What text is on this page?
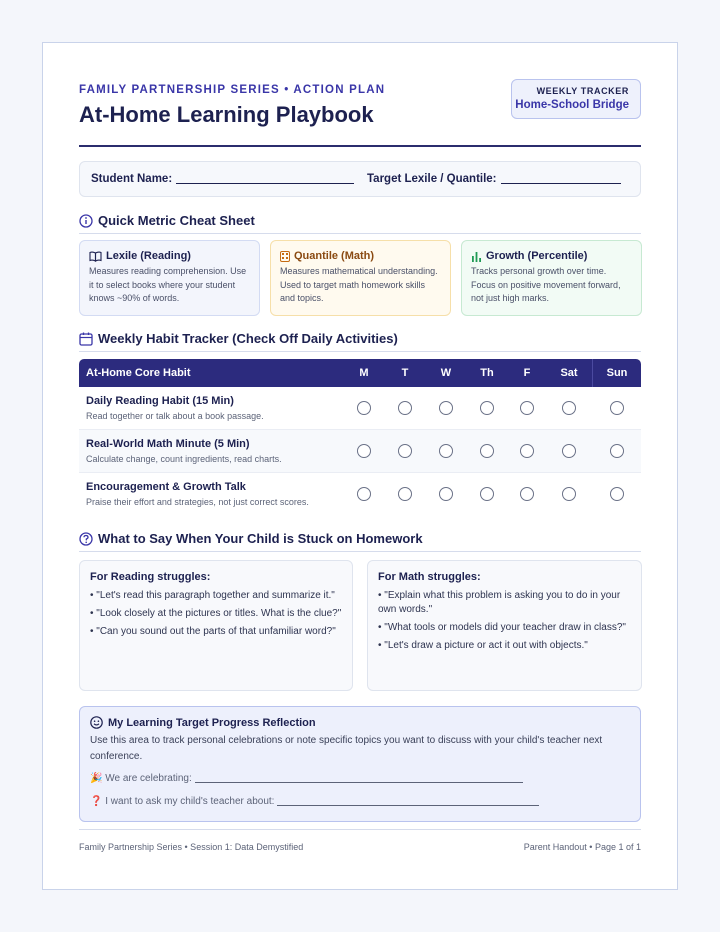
FAMILY PARTNERSHIP SERIES • ACTION PLAN
At-Home Learning Playbook
WEEKLY TRACKER
Home-School Bridge
Student Name:	Target Lexile / Quantile:
Quick Metric Cheat Sheet
Lexile (Reading)
Measures reading comprehension. Use it to select books where your student knows ~90% of words.
Quantile (Math)
Measures mathematical understanding. Used to target math homework skills and topics.
Growth (Percentile)
Tracks personal growth over time. Focus on positive movement forward, not just high marks.
Weekly Habit Tracker (Check Off Daily Activities)
At-Home Core Habit	M	T	W	Th	F	Sat	Sun
Daily Reading Habit (15 Min)
Read together or talk about a book passage.
Real-World Math Minute (5 Min)
Calculate change, count ingredients, read charts.
Encouragement & Growth Talk
Praise their effort and strategies, not just correct scores.
What to Say When Your Child is Stuck on Homework
For Reading struggles:
• "Let's read this paragraph together and summarize it."
• "Look closely at the pictures or titles. What is the clue?"
• "Can you sound out the parts of that unfamiliar word?"
For Math struggles:
• "Explain what this problem is asking you to do in your own words."
• "What tools or models did your teacher draw in class?"
• "Let's draw a picture or act it out with objects."
My Learning Target Progress Reflection
Use this area to track personal celebrations or note specific topics you want to discuss with your child's teacher next conference.
🎉 We are celebrating:
❓ I want to ask my child's teacher about:
Family Partnership Series • Session 1: Data Demystified	Parent Handout • Page 1 of 1
